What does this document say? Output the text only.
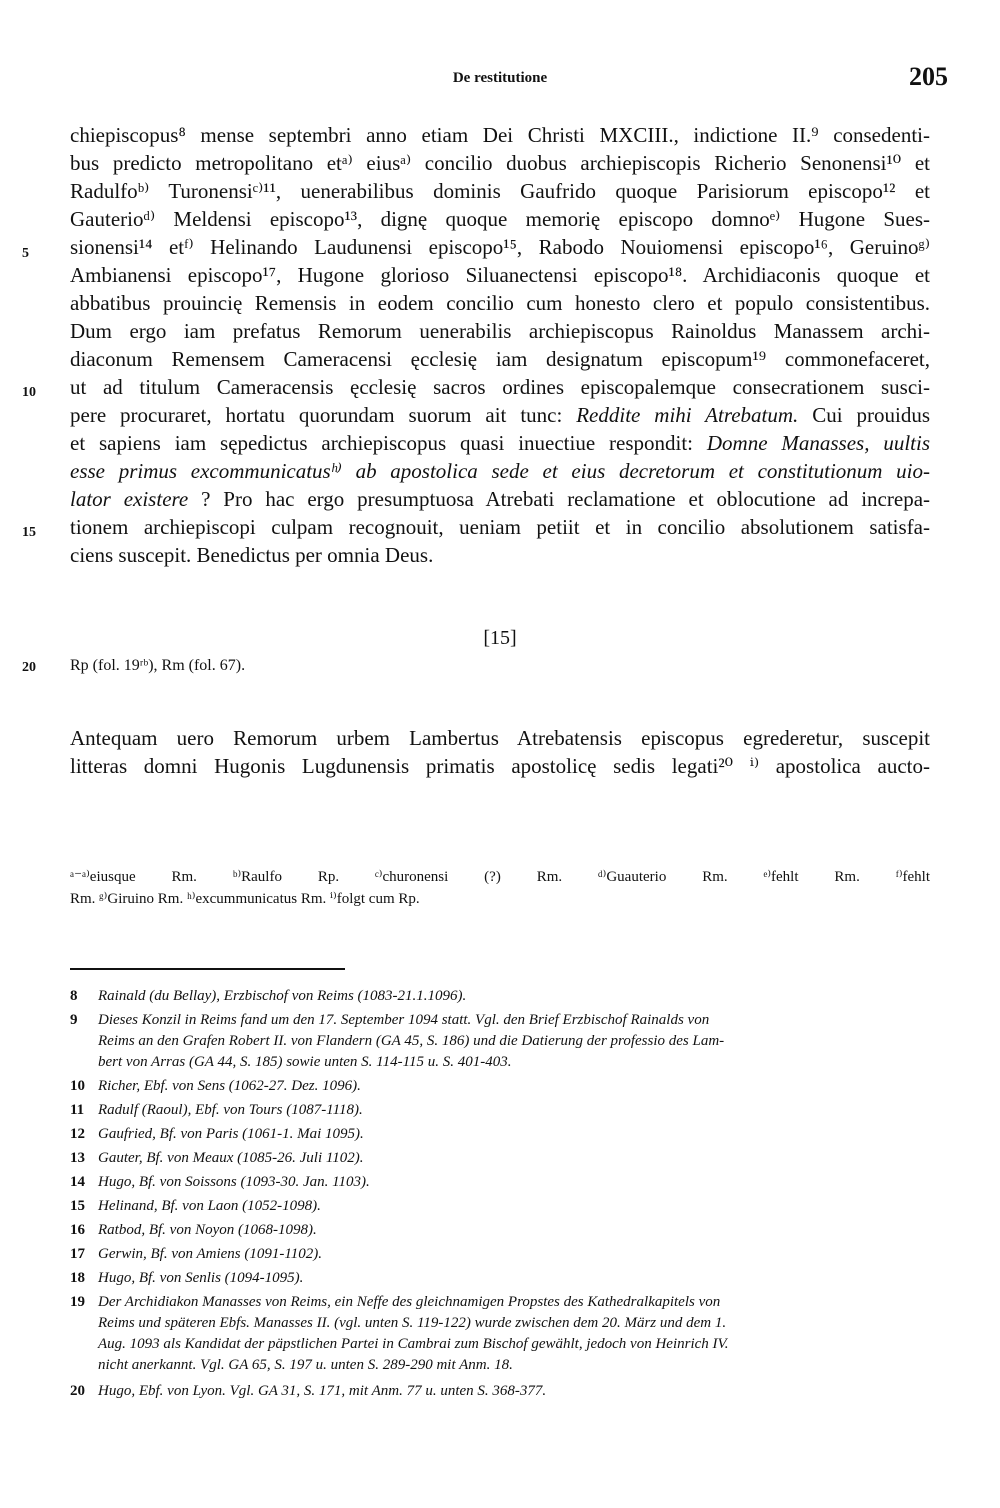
De restitutione	205
5
10
15
20
chiepiscopus⁸ mense septembri anno etiam Dei Christi MXCIII., indictione II.⁹ consedenti-
bus predicto metropolitano etᵃ⁾ eiusᵃ⁾ concilio duobus archiepiscopis Richerio Senonensi¹⁰ et
Radulfoᵇ⁾ Turonensiᶜ⁾¹¹, uenerabilibus dominis Gaufrido quoque Parisiorum episcopo¹² et
Gauterioᵈ⁾ Meldensi episcopo¹³, dignę quoque memorię episcopo domnoᵉ⁾ Hugone Sues-
sionensi¹⁴ etᶠ⁾ Helinando Laudunensi episcopo¹⁵, Rabodo Nouiomensi episcopo¹⁶, Geruinoᵍ⁾
Ambianensi episcopo¹⁷, Hugone glorioso Siluanectensi episcopo¹⁸. Archidiaconis quoque et
abbatibus prouincię Remensis in eodem concilio cum honesto clero et populo consistentibus.
Dum ergo iam prefatus Remorum uenerabilis archiepiscopus Rainoldus Manassem archi-
diaconum Remensem Cameracensi ęcclesię iam designatum episcopum¹⁹ commonefaceret,
ut ad titulum Cameracensis ęcclesię sacros ordines episcopalemque consecrationem susci-
pere procuraret, hortatu quorundam suorum ait tunc: Reddite mihi Atrebatum. Cui prouidus
et sapiens iam sępedictus archiepiscopus quasi inuectiue respondit: Domne Manasses, uultis
esse primus excommunicatusʰ⁾ ab apostolica sede et eius decretorum et constitutionum uio-
lator existere ? Pro hac ergo presumptuosa Atrebati reclamatione et oblocutione ad increpa-
tionem archiepiscopi culpam recognouit, ueniam petiit et in concilio absolutionem satisfa-
ciens suscepit. Benedictus per omnia Deus.
[15]
Rp (fol. 19ʳᵇ), Rm (fol. 67).
Antequam uero Remorum urbem Lambertus Atrebatensis episcopus egrederetur, suscepit
litteras domni Hugonis Lugdunensis primatis apostolicę sedis legati²⁰ ⁱ⁾ apostolica aucto-
ᵃ⁻ᵃ⁾eiusque Rm. ᵇ⁾Raulfo Rp. ᶜ⁾churonensi (?) Rm. ᵈ⁾Guauterio Rm. ᵉ⁾fehlt Rm. ᶠ⁾fehlt
Rm. ᵍ⁾Giruino Rm. ʰ⁾excummunicatus Rm. ⁱ⁾folgt cum Rp.
8 Rainald (du Bellay), Erzbischof von Reims (1083-21.1.1096).
9 Dieses Konzil in Reims fand um den 17. September 1094 statt. Vgl. den Brief Erzbischof Rainalds von
Reims an den Grafen Robert II. von Flandern (GA 45, S. 186) und die Datierung der professio des Lam-
bert von Arras (GA 44, S. 185) sowie unten S. 114-115 u. S. 401-403.
10 Richer, Ebf. von Sens (1062-27. Dez. 1096).
11 Radulf (Raoul), Ebf. von Tours (1087-1118).
12 Gaufried, Bf. von Paris (1061-1. Mai 1095).
13 Gauter, Bf. von Meaux (1085-26. Juli 1102).
14 Hugo, Bf. von Soissons (1093-30. Jan. 1103).
15 Helinand, Bf. von Laon (1052-1098).
16 Ratbod, Bf. von Noyon (1068-1098).
17 Gerwin, Bf. von Amiens (1091-1102).
18 Hugo, Bf. von Senlis (1094-1095).
19 Der Archidiakon Manasses von Reims, ein Neffe des gleichnamigen Propstes des Kathedralkapitels von
Reims und späteren Ebfs. Manasses II. (vgl. unten S. 119-122) wurde zwischen dem 20. März und dem 1.
Aug. 1093 als Kandidat der päpstlichen Partei in Cambrai zum Bischof gewählt, jedoch von Heinrich IV.
nicht anerkannt. Vgl. GA 65, S. 197 u. unten S. 289-290 mit Anm. 18.
20 Hugo, Ebf. von Lyon. Vgl. GA 31, S. 171, mit Anm. 77 u. unten S. 368-377.
